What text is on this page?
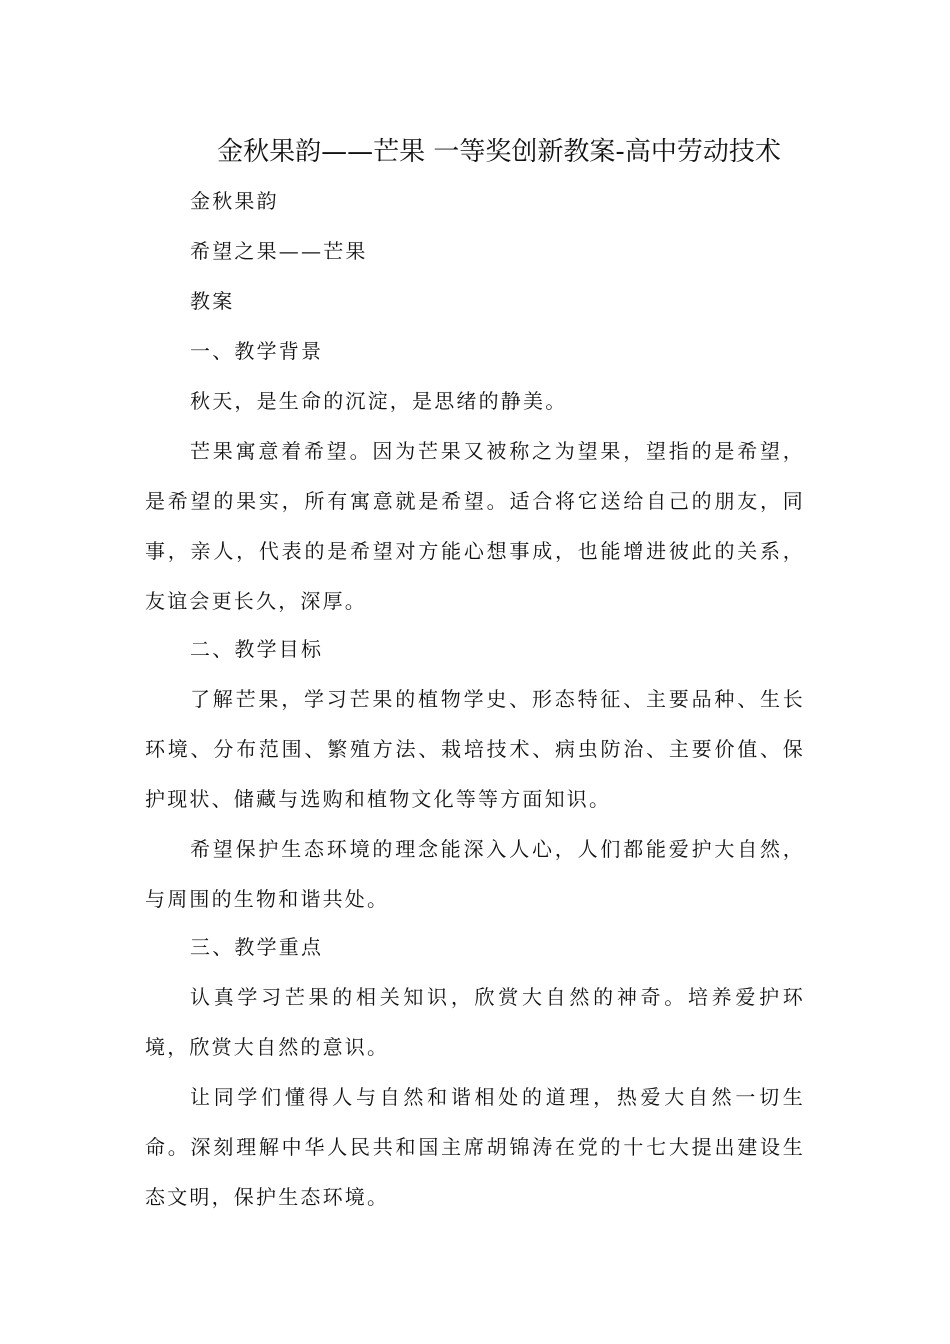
金秋果韵——芒果 一等奖创新教案-高中劳动技术
金秋果韵
希望之果——芒果
教案
一、教学背景
秋天，是生命的沉淀，是思绪的静美。
芒果寓意着希望。因为芒果又被称之为望果，望指的是希望，是希望的果实，所有寓意就是希望。适合将它送给自己的朋友，同事，亲人，代表的是希望对方能心想事成，也能增进彼此的关系，友谊会更长久，深厚。
二、教学目标
了解芒果，学习芒果的植物学史、形态特征、主要品种、生长环境、分布范围、繁殖方法、栽培技术、病虫防治、主要价值、保护现状、储藏与选购和植物文化等等方面知识。
希望保护生态环境的理念能深入人心，人们都能爱护大自然，与周围的生物和谐共处。
三、教学重点
认真学习芒果的相关知识，欣赏大自然的神奇。培养爱护环境，欣赏大自然的意识。
让同学们懂得人与自然和谐相处的道理，热爱大自然一切生命。深刻理解中华人民共和国主席胡锦涛在党的十七大提出建设生态文明，保护生态环境。
